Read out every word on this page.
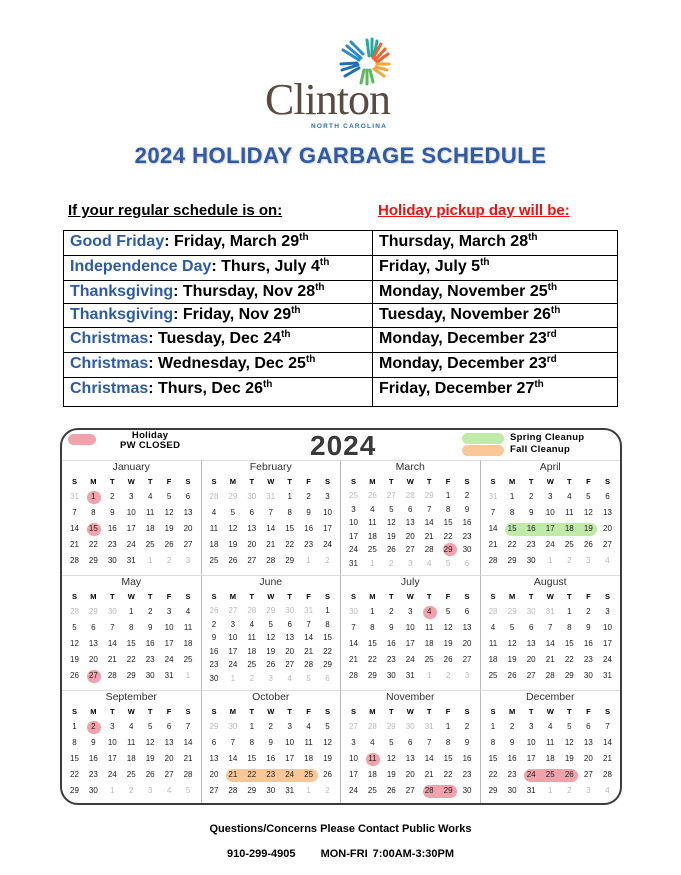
Clinton
NORTH CAROLINA
2024 HOLIDAY GARBAGE SCHEDULE
If your regular schedule is on:	Holiday pickup day will be:
Good Friday: Friday, March 29th	Thursday, March 28th
Independence Day: Thurs, July 4th	Friday, July 5th
Thanksgiving: Thursday, Nov 28th	Monday, November 25th
Thanksgiving: Friday, Nov 29th	Tuesday, November 26th
Christmas: Tuesday, Dec 24th	Monday, December 23rd
Christmas: Wednesday, Dec 25th	Monday, December 23rd
Christmas: Thurs, Dec 26th	Friday, December 27th
Holiday
PW CLOSED	2024	Spring Cleanup
Fall Cleanup
January
S	M	T	W	T	F	S
31	1	2	3	4	5	6
7	8	9	10	11	12	13
14	15	16	17	18	19	20
21	22	23	24	25	26	27
28	29	30	31	1	2	3
February
S	M	T	W	T	F	S
28	29	30	31	1	2	3
4	5	6	7	8	9	10
11	12	13	14	15	16	17
18	19	20	21	22	23	24
25	26	27	28	29	1	2
March
S	M	T	W	T	F	S
25	26	27	28	29	1	2
3	4	5	6	7	8	9
10	11	12	13	14	15	16
17	18	19	20	21	22	23
24	25	26	27	28	29	30
31	1	2	3	4	5	6
April
S	M	T	W	T	F	S
31	1	2	3	4	5	6
7	8	9	10	11	12	13
14	15	16	17	18	19	20
21	22	23	24	25	26	27
28	29	30	1	2	3	4
May
S	M	T	W	T	F	S
28	29	30	1	2	3	4
5	6	7	8	9	10	11
12	13	14	15	16	17	18
19	20	21	22	23	24	25
26	27	28	29	30	31	1
June
S	M	T	W	T	F	S
26	27	28	29	30	31	1
2	3	4	5	6	7	8
9	10	11	12	13	14	15
16	17	18	19	20	21	22
23	24	25	26	27	28	29
30	1	2	3	4	5	6
July
S	M	T	W	T	F	S
30	1	2	3	4	5	6
7	8	9	10	11	12	13
14	15	16	17	18	19	20
21	22	23	24	25	26	27
28	29	30	31	1	2	3
August
S	M	T	W	T	F	S
28	29	30	31	1	2	3
4	5	6	7	8	9	10
11	12	13	14	15	16	17
18	19	20	21	22	23	24
25	26	27	28	29	30	31
September
S	M	T	W	T	F	S
1	2	3	4	5	6	7
8	9	10	11	12	13	14
15	16	17	18	19	20	21
22	23	24	25	26	27	28
29	30	1	2	3	4	5
October
S	M	T	W	T	F	S
29	30	1	2	3	4	5
6	7	8	9	10	11	12
13	14	15	16	17	18	19
20	21	22	23	24	25	26
27	28	29	30	31	1	2
November
S	M	T	W	T	F	S
27	28	29	30	31	1	2
3	4	5	6	7	8	9
10	11	12	13	14	15	16
17	18	19	20	21	22	23
24	25	26	27	28	29	30
December
S	M	T	W	T	F	S
1	2	3	4	5	6	7
8	9	10	11	12	13	14
15	16	17	18	19	20	21
22	23	24	25	26	27	28
29	30	31	1	2	3	4
Questions/Concerns Please Contact Public Works
910-299-4905 MON-FRI 7:00AM-3:30PM
